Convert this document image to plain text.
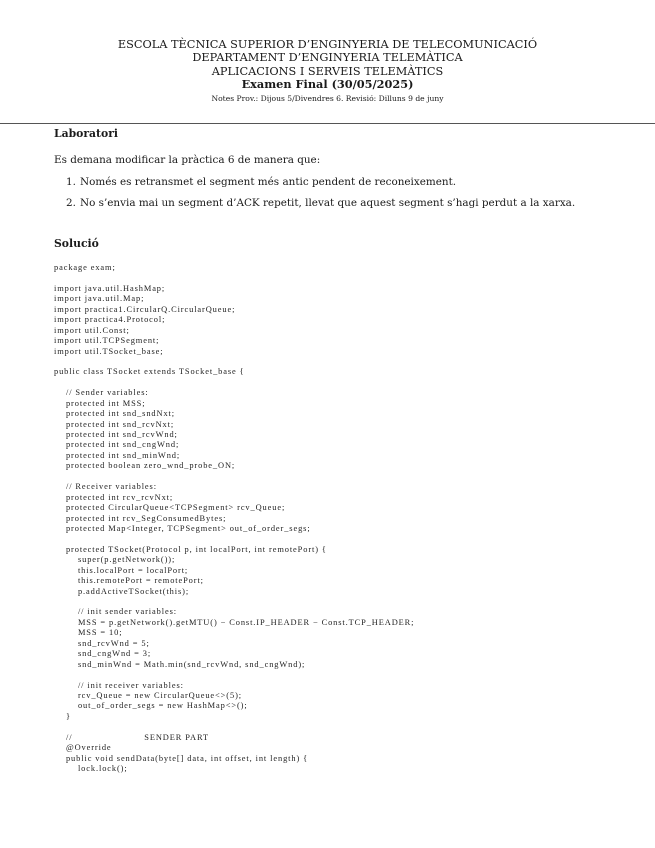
ESCOLA TÈCNICA SUPERIOR D’ENGINYERIA DE TELECOMUNICACIÓ
DEPARTAMENT D’ENGINYERIA TELEMÀTICA
APLICACIONS I SERVEIS TELEMÀTICS
Examen Final (30/05/2025)
Notes Prov.: Dijous 5/Divendres 6. Revisió: Dilluns 9 de juny
Laboratori
Es demana modificar la pràctica 6 de manera que:
1. Només es retransmet el segment més antic pendent de reconeixement.
2. No s’envia mai un segment d’ACK repetit, llevat que aquest segment s’hagi perdut a la xarxa.
Solució
package exam;
import java.util.HashMap;
import java.util.Map;
import practica1.CircularQ.CircularQueue;
import practica4.Protocol;
import util.Const;
import util.TCPSegment;
import util.TSocket_base;
public class TSocket extends TSocket_base {
// Sender variables:
protected int MSS;
protected int snd_sndNxt;
protected int snd_rcvNxt;
protected int snd_rcvWnd;
protected int snd_cngWnd;
protected int snd_minWnd;
protected boolean zero_wnd_probe_ON;
// Receiver variables:
protected int rcv_rcvNxt;
protected CircularQueue<TCPSegment> rcv_Queue;
protected int rcv_SegConsumedBytes;
protected Map<Integer, TCPSegment> out_of_order_segs;
protected TSocket(Protocol p, int localPort, int remotePort) {
super(p.getNetwork());
this.localPort = localPort;
this.remotePort = remotePort;
p.addActiveTSocket(this);
// init sender variables:
MSS = p.getNetwork().getMTU() − Const.IP_HEADER − Const.TCP_HEADER;
MSS = 10;
snd_rcvWnd = 5;
snd_cngWnd = 3;
snd_minWnd = Math.min(snd_rcvWnd, snd_cngWnd);
// init receiver variables:
rcv_Queue = new CircularQueue<>(5);
out_of_order_segs = new HashMap<>();
}
//                        SENDER PART
@Override
public void sendData(byte[] data, int offset, int length) {
lock.lock();
